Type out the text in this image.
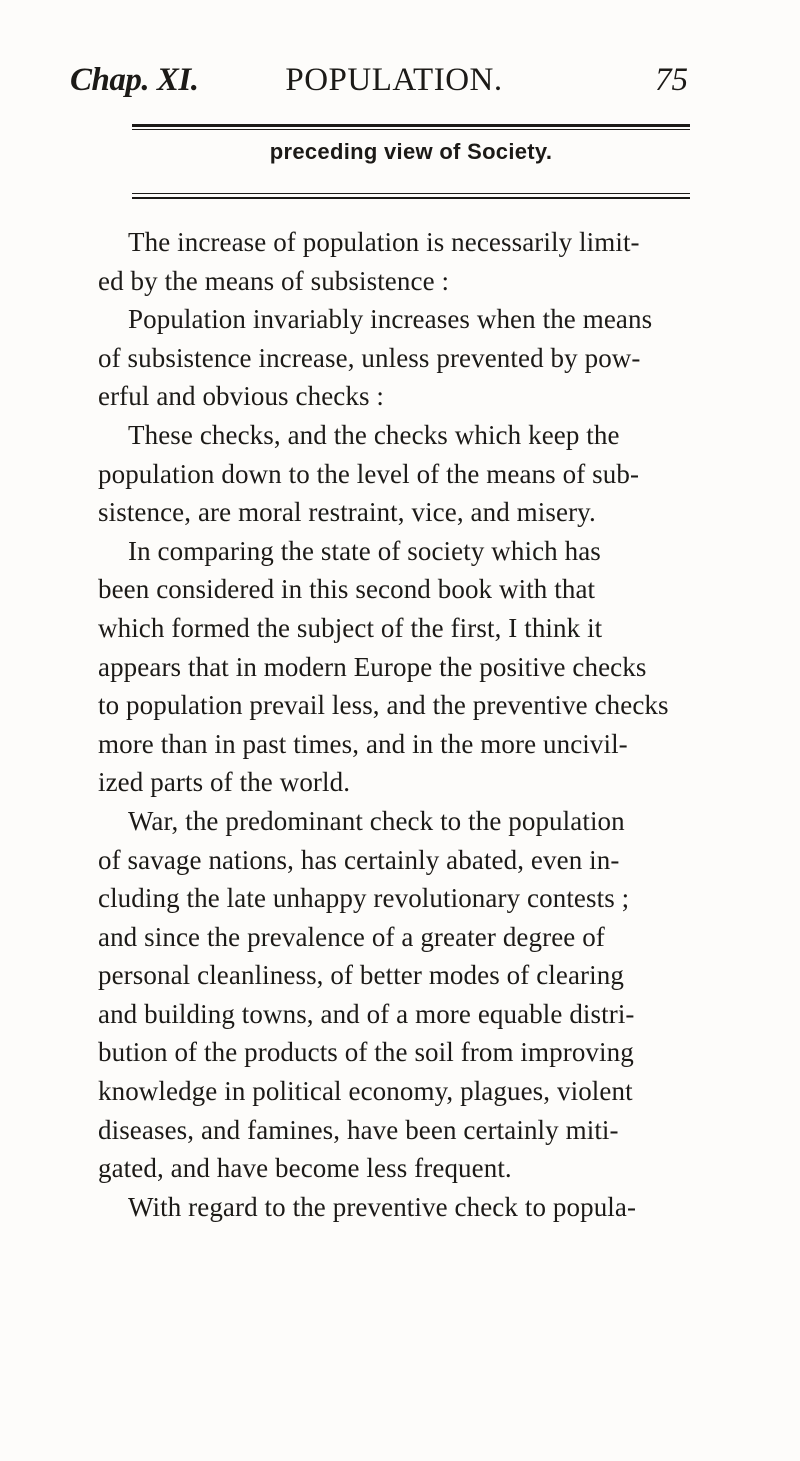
Chap. XI.	POPULATION.	75
preceding view of Society.
The increase of population is necessarily limit-
ed by the means of subsistence :
Population invariably increases when the means
of subsistence increase, unless prevented by pow-
erful and obvious checks :
These checks, and the checks which keep the
population down to the level of the means of sub-
sistence, are moral restraint, vice, and misery.
In comparing the state of society which has
been considered in this second book with that
which formed the subject of the first, I think it
appears that in modern Europe the positive checks
to population prevail less, and the preventive checks
more than in past times, and in the more uncivil-
ized parts of the world.
War, the predominant check to the population
of savage nations, has certainly abated, even in-
cluding the late unhappy revolutionary contests ;
and since the prevalence of a greater degree of
personal cleanliness, of better modes of clearing
and building towns, and of a more equable distri-
bution of the products of the soil from improving
knowledge in political economy, plagues, violent
diseases, and famines, have been certainly miti-
gated, and have become less frequent.
With regard to the preventive check to popula-
